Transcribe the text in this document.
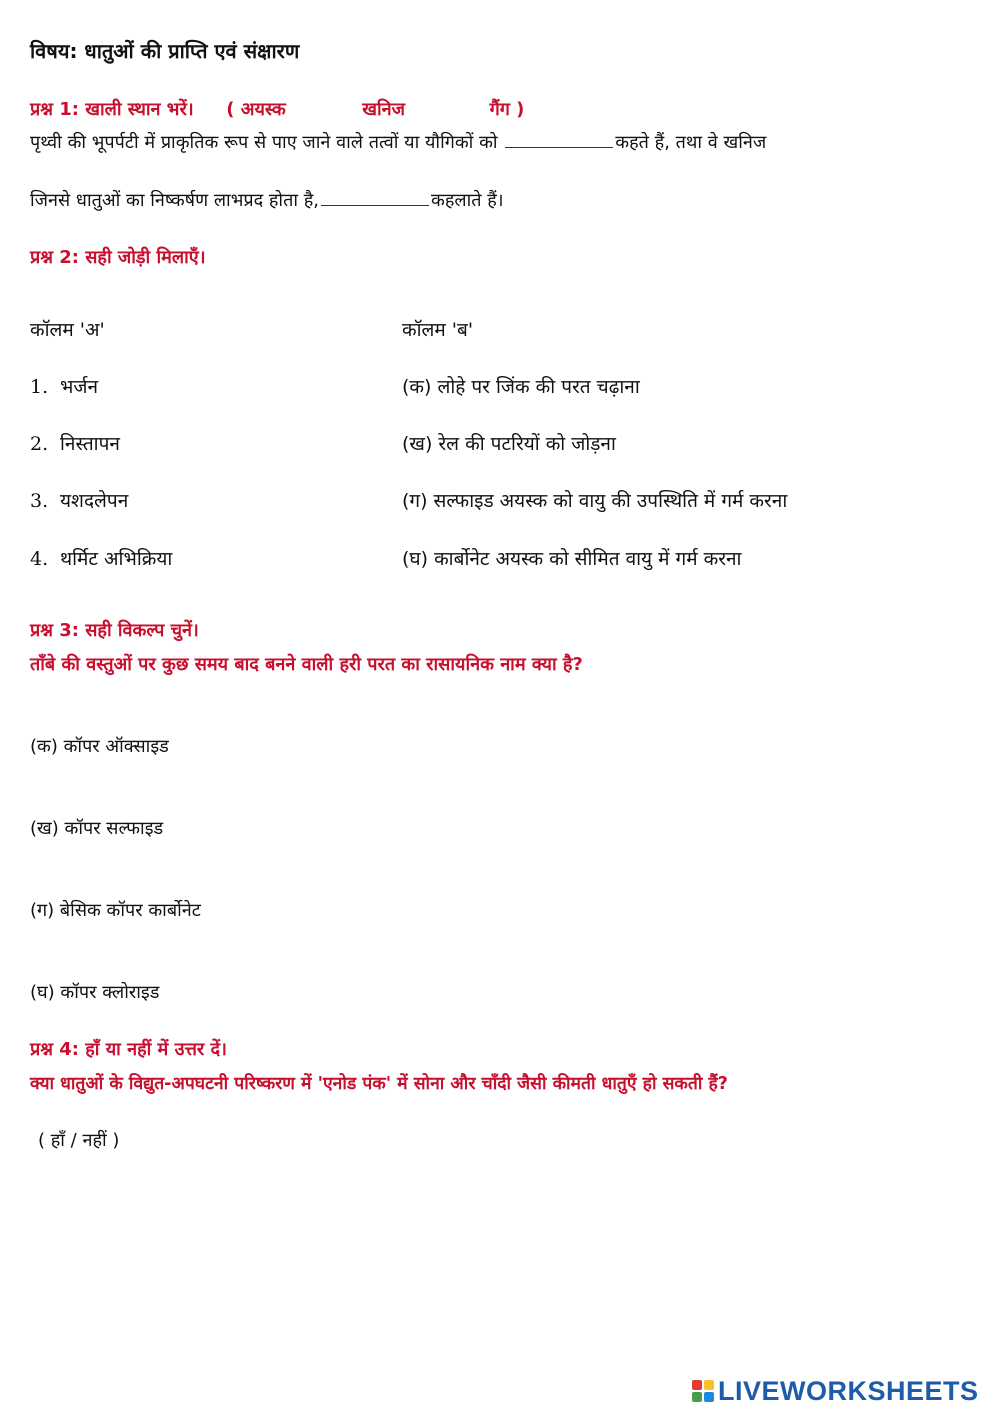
विषय: धातुओं की प्राप्ति एवं संक्षारण
प्रश्न 1: खाली स्थान भरें। ( अयस्क	खनिज	गैंग )
पृथ्वी की भूपर्पटी में प्राकृतिक रूप से पाए जाने वाले तत्वों या यौगिकों को	कहते हैं, तथा वे खनिज
जिनसे धातुओं का निष्कर्षण लाभप्रद होता है,	कहलाते हैं।
प्रश्न 2: सही जोड़ी मिलाएँ।
कॉलम 'अ'	कॉलम 'ब'
1. भर्जन	(क) लोहे पर जिंक की परत चढ़ाना
2. निस्तापन	(ख) रेल की पटरियों को जोड़ना
3. यशदलेपन	(ग) सल्फाइड अयस्क को वायु की उपस्थिति में गर्म करना
4. थर्मिट अभिक्रिया	(घ) कार्बोनेट अयस्क को सीमित वायु में गर्म करना
प्रश्न 3: सही विकल्प चुनें।
ताँबे की वस्तुओं पर कुछ समय बाद बनने वाली हरी परत का रासायनिक नाम क्या है?
(क) कॉपर ऑक्साइड
(ख) कॉपर सल्फाइड
(ग) बेसिक कॉपर कार्बोनेट
(घ) कॉपर क्लोराइड
प्रश्न 4: हाँ या नहीं में उत्तर दें।
क्या धातुओं के विद्युत-अपघटनी परिष्करण में 'एनोड पंक' में सोना और चाँदी जैसी कीमती धातुएँ हो सकती हैं?
( हाँ / नहीं )
LIVEWORKSHEETS
